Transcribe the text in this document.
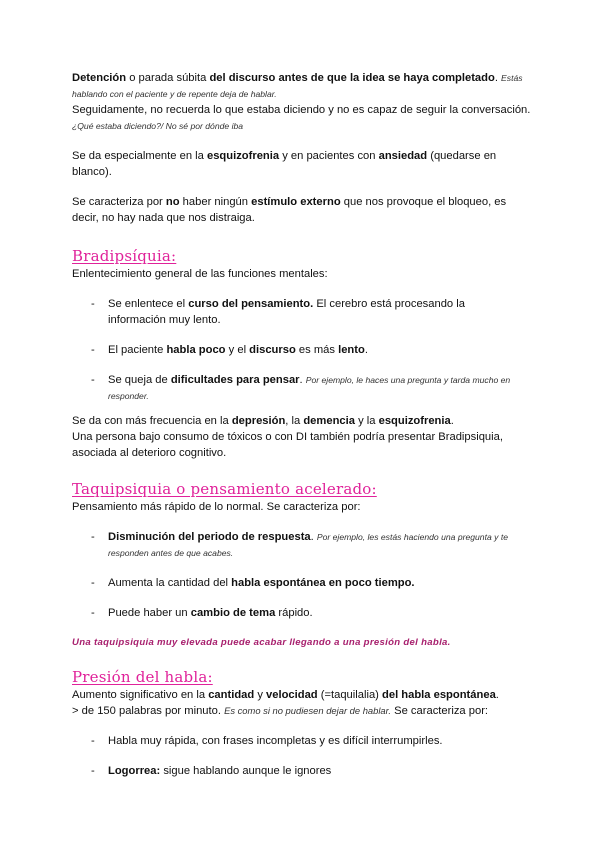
Detención o parada súbita del discurso antes de que la idea se haya completado. Estás hablando con el paciente y de repente deja de hablar.
Seguidamente, no recuerda lo que estaba diciendo y no es capaz de seguir la conversación.
¿Qué estaba diciendo?/ No sé por dónde iba

Se da especialmente en la esquizofrenia y en pacientes con ansiedad (quedarse en blanco).

Se caracteriza por no haber ningún estímulo externo que nos provoque el bloqueo, es decir, no hay nada que nos distraiga.

Bradipsíquia:

Enlentecimiento general de las funciones mentales:

- Se enlentece el curso del pensamiento. El cerebro está procesando la información muy lento.
- El paciente habla poco y el discurso es más lento.
- Se queja de dificultades para pensar. Por ejemplo, le haces una pregunta y tarda mucho en responder.

Se da con más frecuencia en la depresión, la demencia y la esquizofrenia.
Una persona bajo consumo de tóxicos o con DI también podría presentar Bradipsiquia, asociada al deterioro cognitivo.

Taquipsiquia o pensamiento acelerado:

Pensamiento más rápido de lo normal. Se caracteriza por:

- Disminución del periodo de respuesta. Por ejemplo, les estás haciendo una pregunta y te responden antes de que acabes.
- Aumenta la cantidad del habla espontánea en poco tiempo.
- Puede haber un cambio de tema rápido.

Una taquipsiquia muy elevada puede acabar llegando a una presión del habla.

Presión del habla:

Aumento significativo en la cantidad y velocidad (=taquilalia) del habla espontánea.
> de 150 palabras por minuto. Es como si no pudiesen dejar de hablar. Se caracteriza por:

- Habla muy rápida, con frases incompletas y es difícil interrumpirles.
- Logorrea: sigue hablando aunque le ignores
